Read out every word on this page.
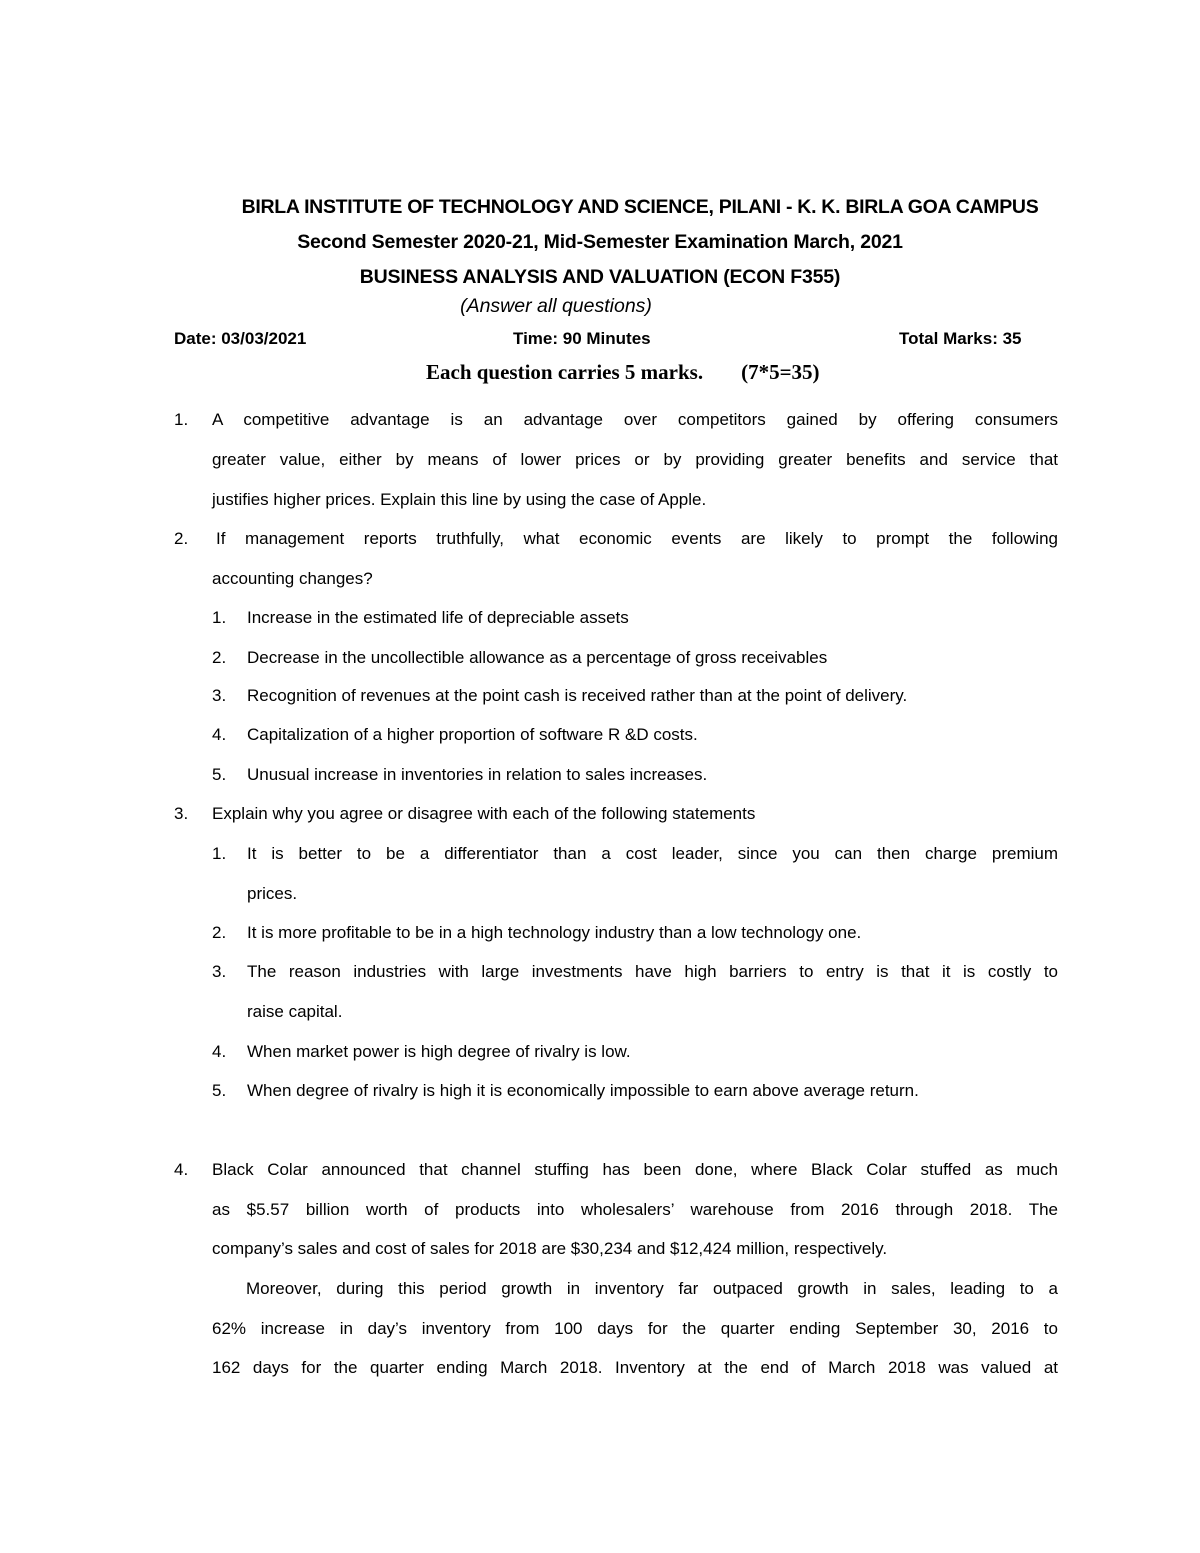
BIRLA INSTITUTE OF TECHNOLOGY AND SCIENCE, PILANI - K. K. BIRLA GOA CAMPUS
Second Semester 2020-21, Mid-Semester Examination March, 2021
BUSINESS ANALYSIS AND VALUATION (ECON F355)
(Answer all questions)
Date: 03/03/2021	Time: 90 Minutes	Total Marks: 35
Each question carries 5 marks. (7*5=35)
1. A competitive advantage is an advantage over competitors gained by offering consumers
greater value, either by means of lower prices or by providing greater benefits and service that
justifies higher prices. Explain this line by using the case of Apple.
2. If management reports truthfully, what economic events are likely to prompt the following
accounting changes?
1. Increase in the estimated life of depreciable assets
2. Decrease in the uncollectible allowance as a percentage of gross receivables
3. Recognition of revenues at the point cash is received rather than at the point of delivery.
4. Capitalization of a higher proportion of software R &D costs.
5. Unusual increase in inventories in relation to sales increases.
3. Explain why you agree or disagree with each of the following statements
1. It is better to be a differentiator than a cost leader, since you can then charge premium
prices.
2. It is more profitable to be in a high technology industry than a low technology one.
3. The reason industries with large investments have high barriers to entry is that it is costly to
raise capital.
4. When market power is high degree of rivalry is low.
5. When degree of rivalry is high it is economically impossible to earn above average return.
4. Black Colar announced that channel stuffing has been done, where Black Colar stuffed as much
as $5.57 billion worth of products into wholesalers’ warehouse from 2016 through 2018. The
company’s sales and cost of sales for 2018 are $30,234 and $12,424 million, respectively.
Moreover, during this period growth in inventory far outpaced growth in sales, leading to a
62% increase in day’s inventory from 100 days for the quarter ending September 30, 2016 to
162 days for the quarter ending March 2018. Inventory at the end of March 2018 was valued at
